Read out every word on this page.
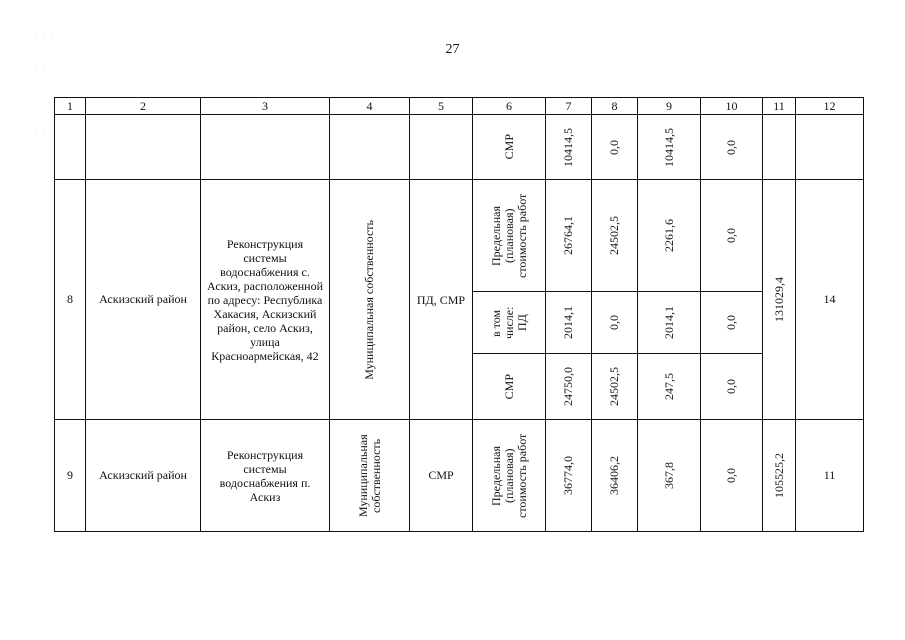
· · ·
· ·
· ·
27
1	2	3	4	5	6	7	8	9	10	11	12

					СМР	10414,5	0,0	10414,5	0,0		

8	Аскизский район	Реконструкция системы водоснабжения с. Аскиз, расположенной по адресу: Республика Хакасия, Аскизский район, село Аскиз, улица Красноармейская, 42	Муниципальная собственность	ПД, СМР	Предельная (плановая) стоимость работ	26764,1	24502,5	2261,6	0,0	131029,4	14

					в том числе: ПД	2014,1	0,0	2014,1	0,0		

					СМР	24750,0	24502,5	247,5	0,0		

9	Аскизский район	Реконструкция системы водоснабжения п. Аскиз	Муниципальная собственность	СМР	Предельная (плановая) стоимость работ	36774,0	36406,2	367,8	0,0	105525,2	11
